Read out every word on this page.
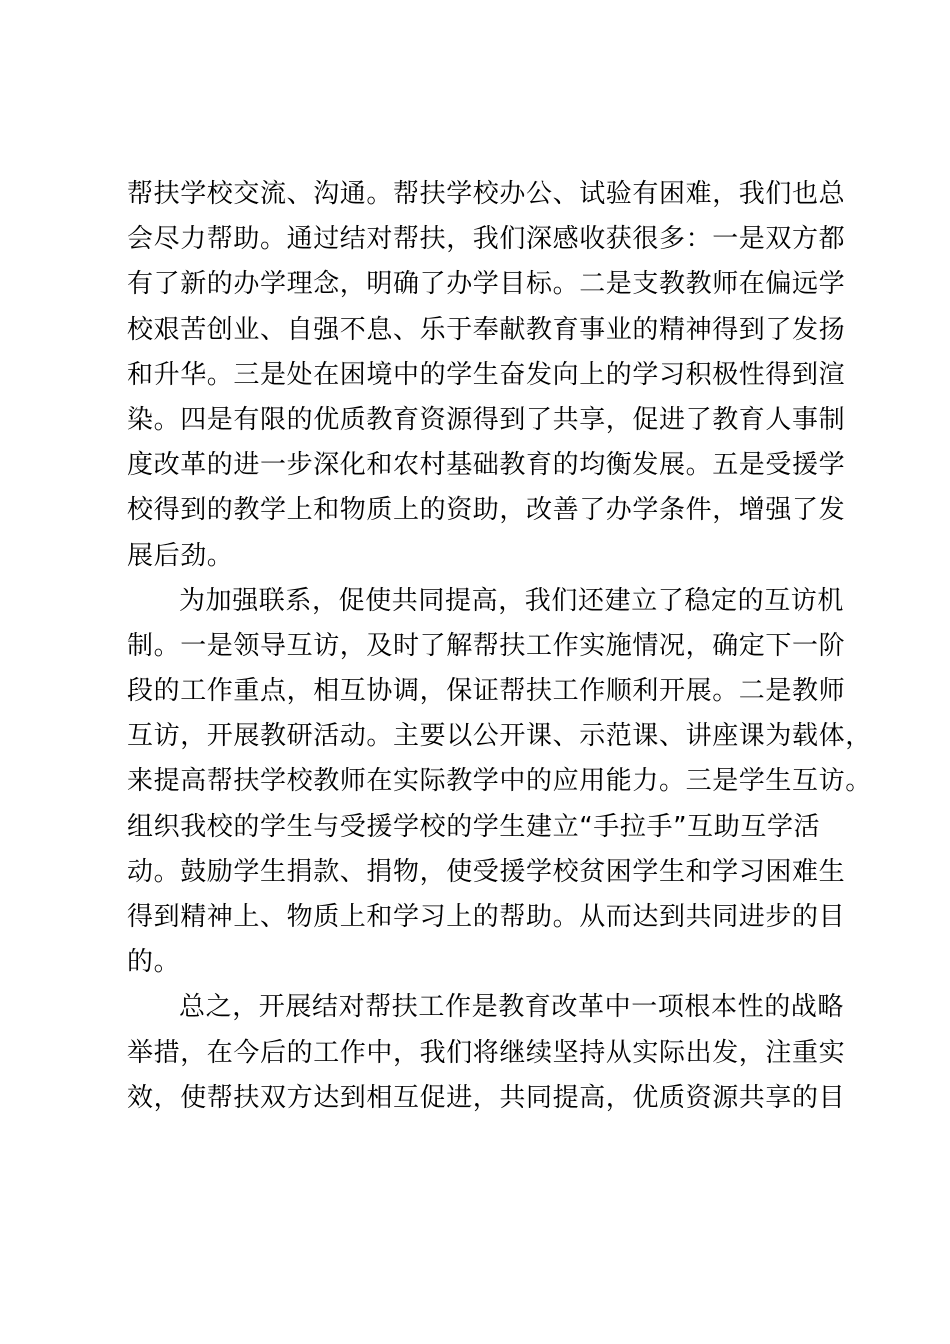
帮扶学校交流、沟通。帮扶学校办公、试验有困难，我们也总
会尽力帮助。通过结对帮扶，我们深感收获很多：一是双方都
有了新的办学理念，明确了办学目标。二是支教教师在偏远学
校艰苦创业、自强不息、乐于奉献教育事业的精神得到了发扬
和升华。三是处在困境中的学生奋发向上的学习积极性得到渲
染。四是有限的优质教育资源得到了共享，促进了教育人事制
度改革的进一步深化和农村基础教育的均衡发展。五是受援学
校得到的教学上和物质上的资助，改善了办学条件，增强了发
展后劲。
为加强联系，促使共同提高，我们还建立了稳定的互访机
制。一是领导互访，及时了解帮扶工作实施情况，确定下一阶
段的工作重点，相互协调，保证帮扶工作顺利开展。二是教师
互访，开展教研活动。主要以公开课、示范课、讲座课为载体，
来提高帮扶学校教师在实际教学中的应用能力。三是学生互访。
组织我校的学生与受援学校的学生建立“手拉手”互助互学活
动。鼓励学生捐款、捐物，使受援学校贫困学生和学习困难生
得到精神上、物质上和学习上的帮助。从而达到共同进步的目
的。
总之，开展结对帮扶工作是教育改革中一项根本性的战略
举措，在今后的工作中，我们将继续坚持从实际出发，注重实
效，使帮扶双方达到相互促进，共同提高，优质资源共享的目
